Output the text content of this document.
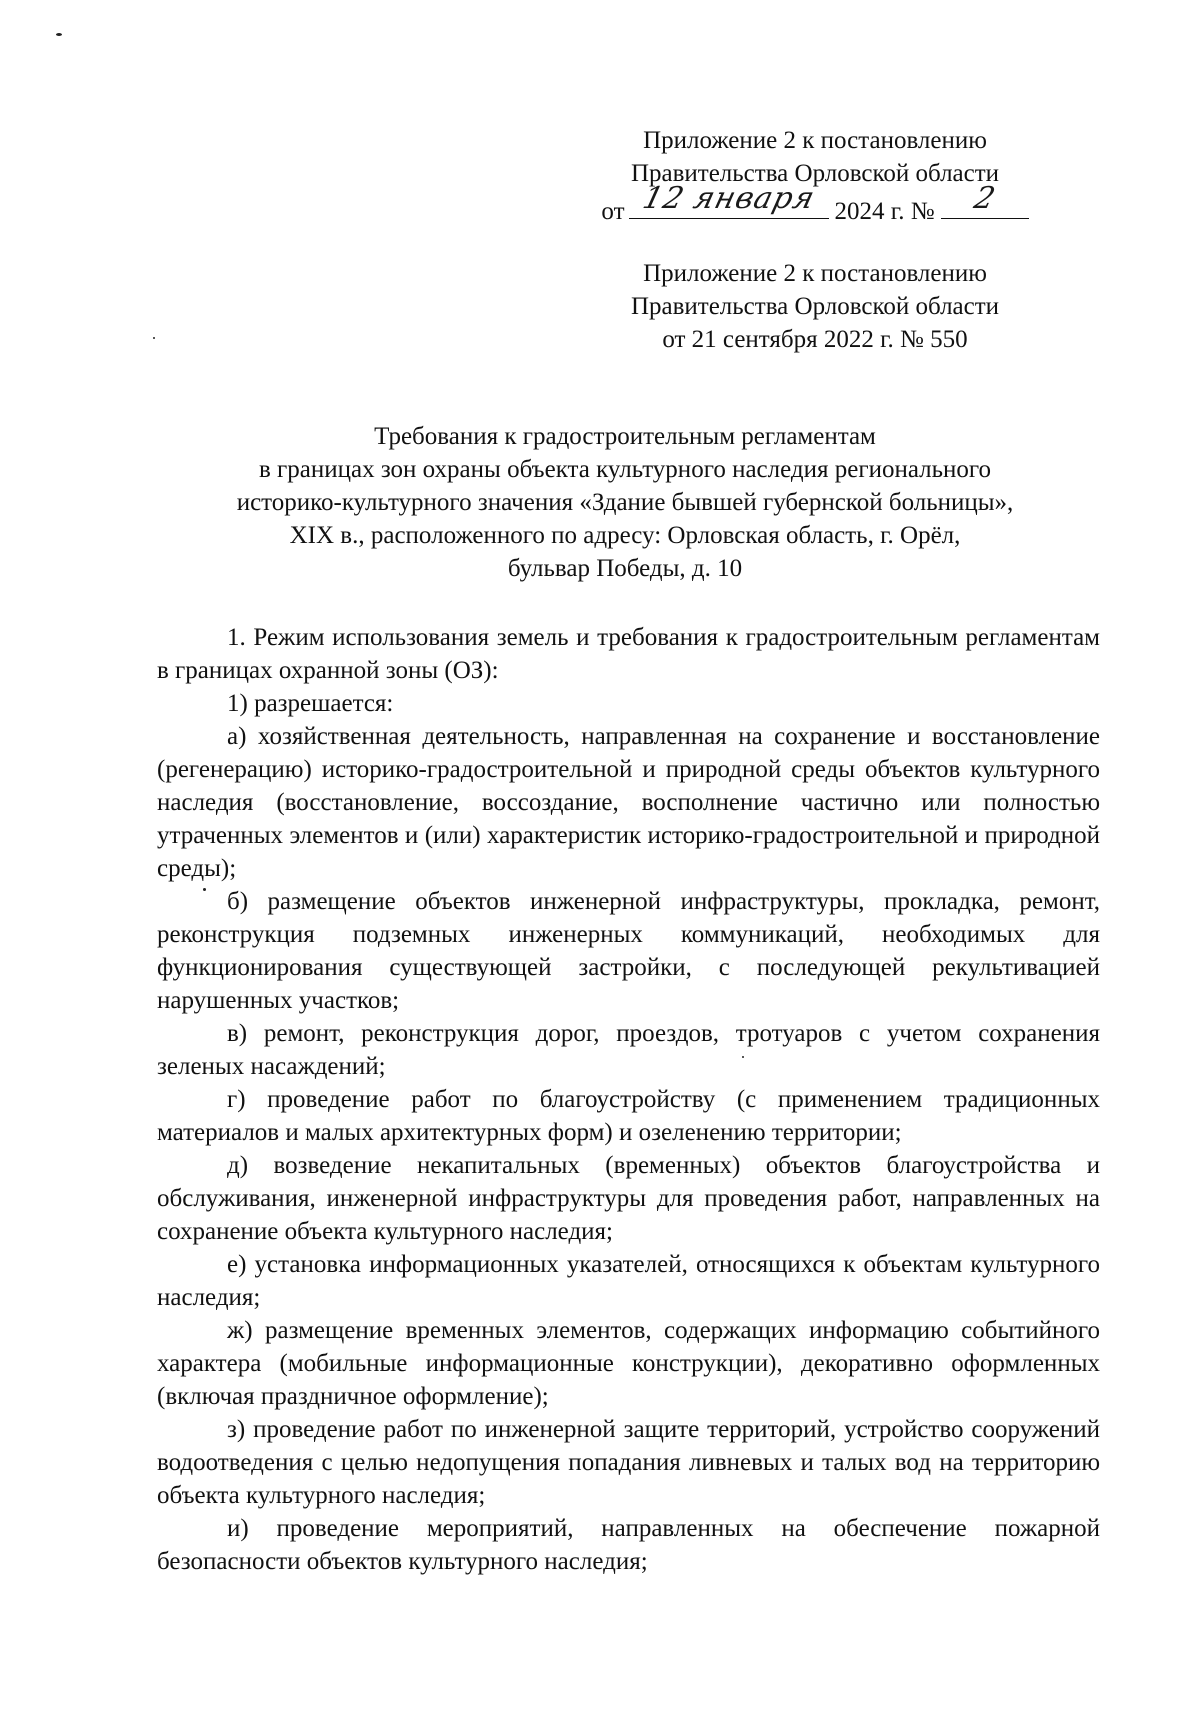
Приложение 2 к постановлению
Правительства Орловской области
от 12 января 2024 г. №	2
Приложение 2 к постановлению
Правительства Орловской области
от 21 сентября 2022 г. № 550
Требования к градостроительным регламентам
в границах зон охраны объекта культурного наследия регионального
историко-культурного значения «Здание бывшей губернской больницы»,
XIX в., расположенного по адресу: Орловская область, г. Орёл,
бульвар Победы, д. 10

1. Режим использования земель и требования к градостроительным регламентам в границах охранной зоны (ОЗ):

1) разрешается:

а) хозяйственная деятельность, направленная на сохранение и восстановление (регенерацию) историко-градостроительной и природной среды объектов культурного наследия (восстановление, воссоздание, восполнение частично или полностью утраченных элементов и (или) характеристик историко-градостроительной и природной среды);

б) размещение объектов инженерной инфраструктуры, прокладка, ремонт, реконструкция подземных инженерных коммуникаций, необходимых для функционирования существующей застройки, с последующей рекультивацией нарушенных участков;

в) ремонт, реконструкция дорог, проездов, тротуаров с учетом сохранения зеленых насаждений;

г) проведение работ по благоустройству (с применением традиционных материалов и малых архитектурных форм) и озеленению территории;

д) возведение некапитальных (временных) объектов благоустройства и обслуживания, инженерной инфраструктуры для проведения работ, направленных на сохранение объекта культурного наследия;

е) установка информационных указателей, относящихся к объектам культурного наследия;

ж) размещение временных элементов, содержащих информацию событийного характера (мобильные информационные конструкции), декоративно оформленных (включая праздничное оформление);

з) проведение работ по инженерной защите территорий, устройство сооружений водоотведения с целью недопущения попадания ливневых и талых вод на территорию объекта культурного наследия;

и) проведение мероприятий, направленных на обеспечение пожарной безопасности объектов культурного наследия;
